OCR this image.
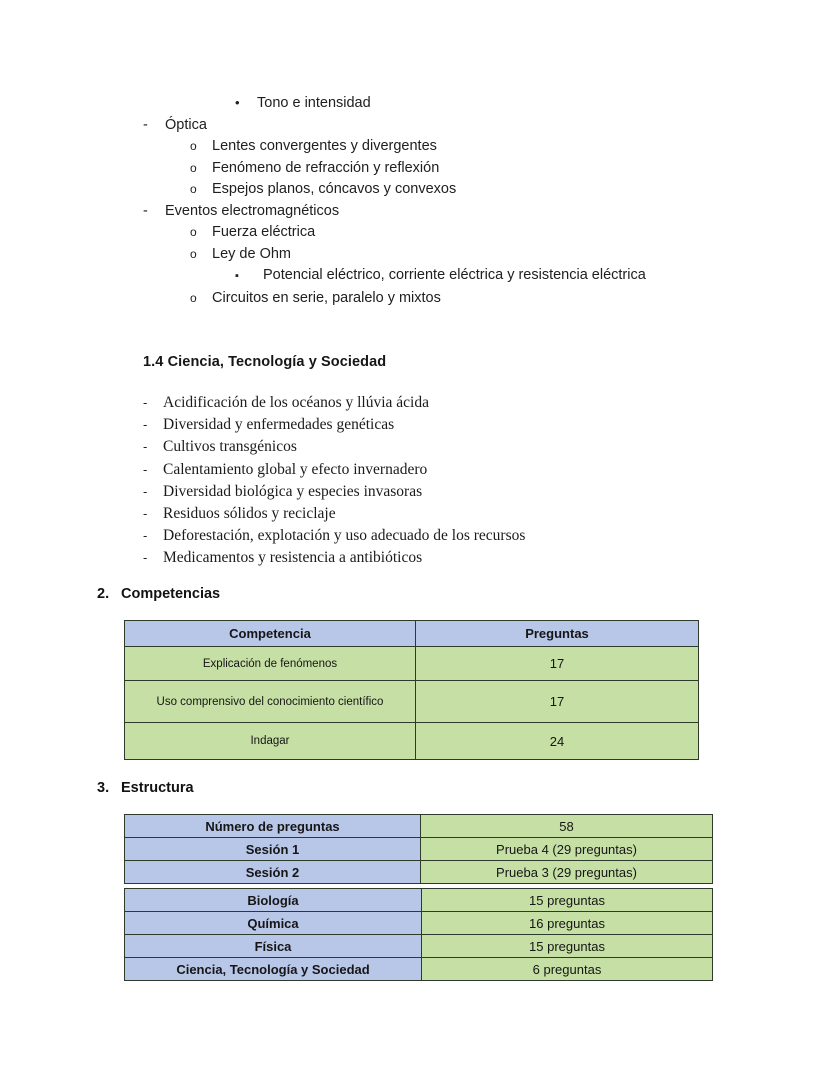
•	Tono e intensidad
-	Óptica
o	Lentes convergentes y divergentes
o	Fenómeno de refracción y reflexión
o	Espejos planos, cóncavos y convexos
-	Eventos electromagnéticos
o	Fuerza eléctrica
o	Ley de Ohm
▪	Potencial eléctrico, corriente eléctrica y resistencia eléctrica
o	Circuitos en serie, paralelo y mixtos
1.4 Ciencia, Tecnología y Sociedad
-	Acidificación de los océanos y llúvia ácida
-	Diversidad y enfermedades genéticas
-	Cultivos transgénicos
-	Calentamiento global y efecto invernadero
-	Diversidad biológica y especies invasoras
-	Residuos sólidos y reciclaje
-	Deforestación, explotación y uso adecuado de los recursos
-	Medicamentos y resistencia a antibióticos
2. Competencias
Competencia	Preguntas
Explicación de fenómenos	17
Uso comprensivo del conocimiento científico	17
Indagar	24
3. Estructura
Número de preguntas	58
Sesión 1	Prueba 4 (29 preguntas)
Sesión 2	Prueba 3 (29 preguntas)
Biología	15 preguntas
Química	16 preguntas
Física	15 preguntas
Ciencia, Tecnología y Sociedad	6 preguntas
